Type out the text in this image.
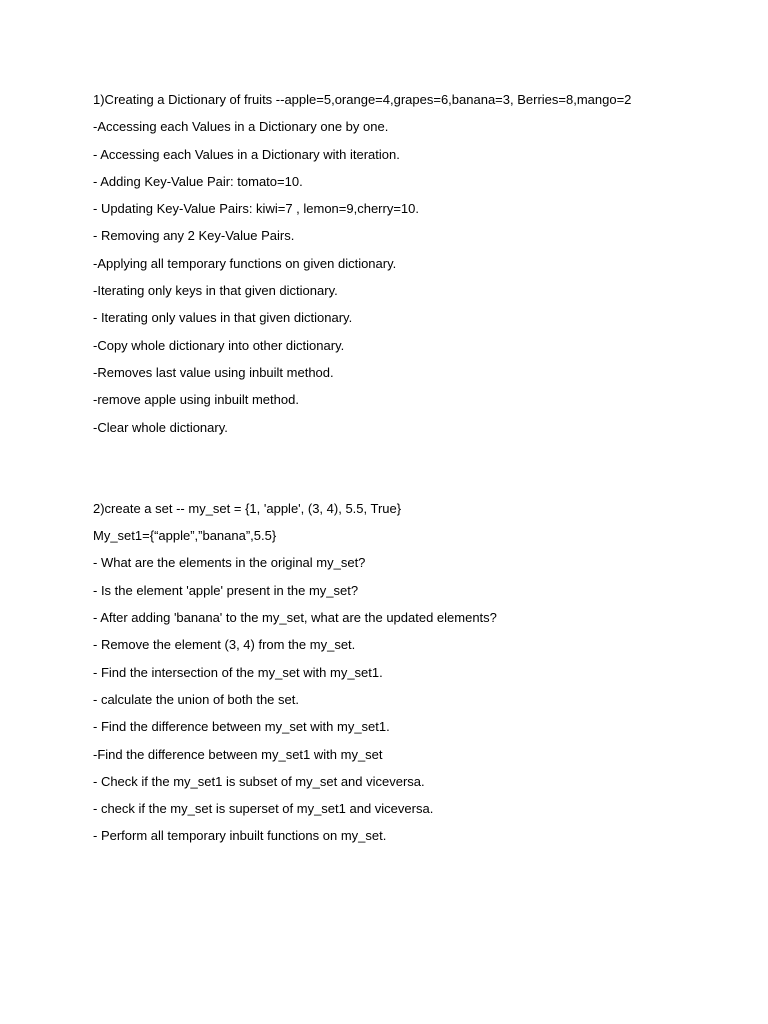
1)Creating a Dictionary of fruits --apple=5,orange=4,grapes=6,banana=3, Berries=8,mango=2
-Accessing each Values in a Dictionary one by one.
- Accessing each Values in a Dictionary with iteration.
- Adding Key-Value Pair: tomato=10.
- Updating Key-Value Pairs: kiwi=7 , lemon=9,cherry=10.
- Removing any 2 Key-Value Pairs.
-Applying all temporary functions on given dictionary.
-Iterating only keys in that given dictionary.
- Iterating only values in that given dictionary.
-Copy whole dictionary into other dictionary.
-Removes last value using inbuilt method.
-remove apple using inbuilt method.
-Clear whole dictionary.
2)create a set -- my_set = {1, 'apple', (3, 4), 5.5, True}
My_set1={“apple”,”banana”,5.5}
- What are the elements in the original my_set?
- Is the element 'apple' present in the my_set?
- After adding 'banana' to the my_set, what are the updated elements?
- Remove the element (3, 4) from the my_set.
- Find the intersection of the my_set with my_set1.
- calculate the union of both the set.
- Find the difference between my_set with my_set1.
-Find the difference between my_set1 with my_set
- Check if the my_set1 is subset of my_set and viceversa.
- check if the my_set is superset of my_set1 and viceversa.
- Perform all temporary inbuilt functions on my_set.
